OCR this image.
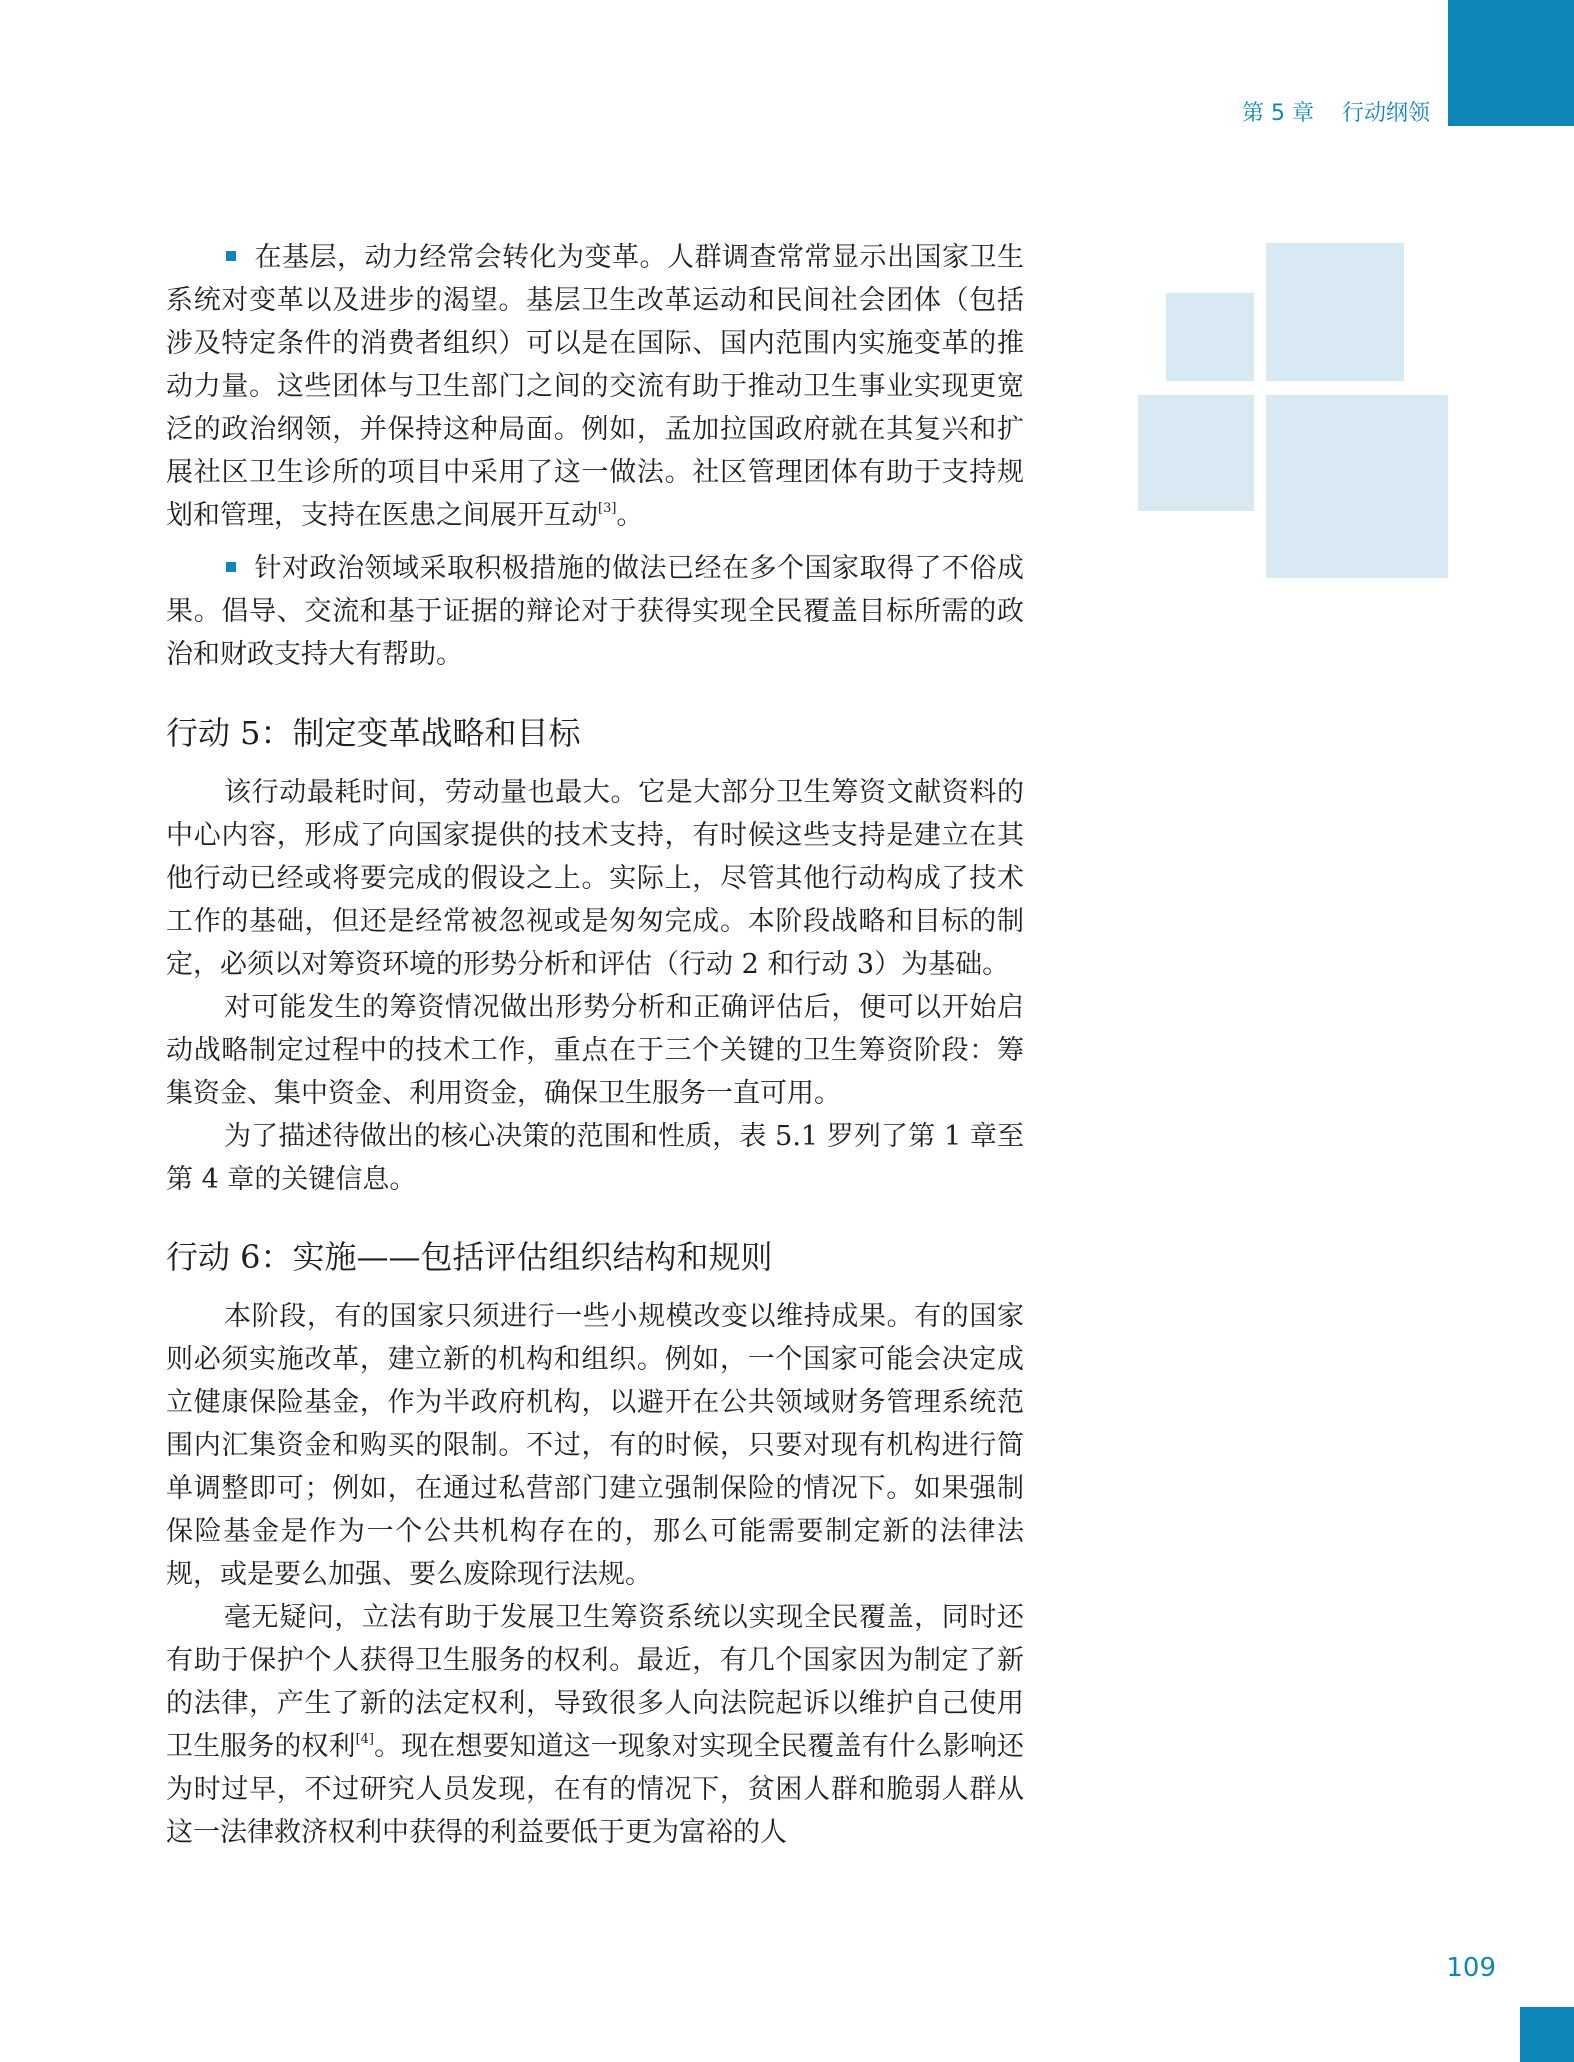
第 5 章    行动纲领

在基层，动力经常会转化为变革。人群调查常常显示出国家卫生系统对变革以及进步的渴望。基层卫生改革运动和民间社会团体（包括涉及特定条件的消费者组织）可以是在国际、国内范围内实施变革的推动力量。这些团体与卫生部门之间的交流有助于推动卫生事业实现更宽泛的政治纲领，并保持这种局面。例如，孟加拉国政府就在其复兴和扩展社区卫生诊所的项目中采用了这一做法。社区管理团体有助于支持规划和管理，支持在医患之间展开互动[3]。

针对政治领域采取积极措施的做法已经在多个国家取得了不俗成果。倡导、交流和基于证据的辩论对于获得实现全民覆盖目标所需的政治和财政支持大有帮助。

行动 5：制定变革战略和目标

该行动最耗时间，劳动量也最大。它是大部分卫生筹资文献资料的中心内容，形成了向国家提供的技术支持，有时候这些支持是建立在其他行动已经或将要完成的假设之上。实际上，尽管其他行动构成了技术工作的基础，但还是经常被忽视或是匆匆完成。本阶段战略和目标的制定，必须以对筹资环境的形势分析和评估（行动 2 和行动 3）为基础。

对可能发生的筹资情况做出形势分析和正确评估后，便可以开始启动战略制定过程中的技术工作，重点在于三个关键的卫生筹资阶段：筹集资金、集中资金、利用资金，确保卫生服务一直可用。

为了描述待做出的核心决策的范围和性质，表 5.1 罗列了第 1 章至第 4 章的关键信息。

行动 6：实施——包括评估组织结构和规则

本阶段，有的国家只须进行一些小规模改变以维持成果。有的国家则必须实施改革，建立新的机构和组织。例如，一个国家可能会决定成立健康保险基金，作为半政府机构，以避开在公共领域财务管理系统范围内汇集资金和购买的限制。不过，有的时候，只要对现有机构进行简单调整即可；例如，在通过私营部门建立强制保险的情况下。如果强制保险基金是作为一个公共机构存在的，那么可能需要制定新的法律法规，或是要么加强、要么废除现行法规。

毫无疑问，立法有助于发展卫生筹资系统以实现全民覆盖，同时还有助于保护个人获得卫生服务的权利。最近，有几个国家因为制定了新的法律，产生了新的法定权利，导致很多人向法院起诉以维护自己使用卫生服务的权利[4]。现在想要知道这一现象对实现全民覆盖有什么影响还为时过早，不过研究人员发现，在有的情况下，贫困人群和脆弱人群从这一法律救济权利中获得的利益要低于更为富裕的人

109
